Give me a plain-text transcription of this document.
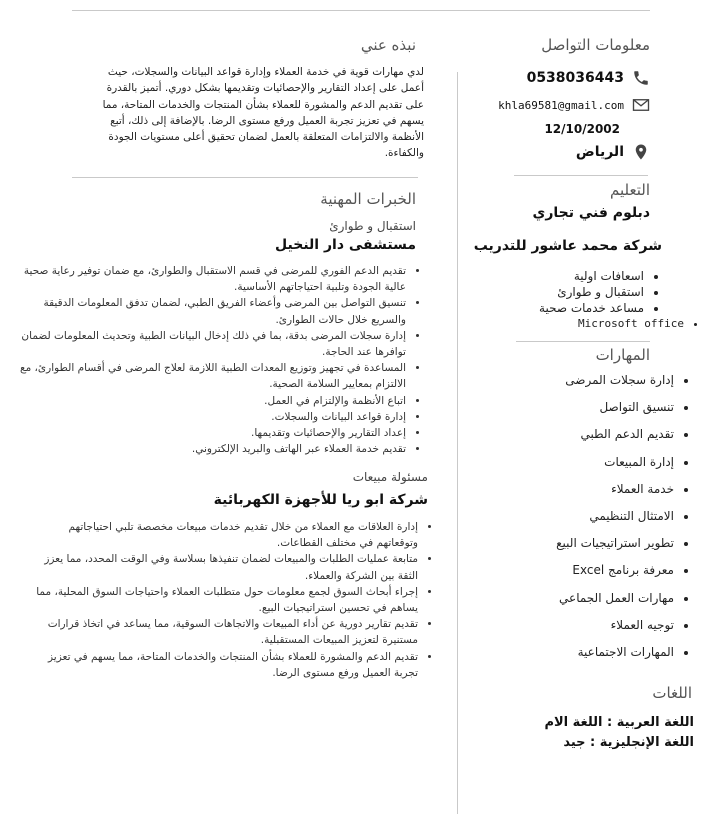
معلومات التواصل
0538036443
khla69581@gmail.com
12/10/2002
الرياض
التعليم
دبلوم فني تجاري
شركة محمد عاشور للتدريب
• اسعافات اولية
• استقبال و طوارئ
• مساعد خدمات صحية
• Microsoft office
المهارات
• إدارة سجلات المرضى
• تنسيق التواصل
• تقديم الدعم الطبي
• إدارة المبيعات
• خدمة العملاء
• الامتثال التنظيمي
• تطوير استراتيجيات البيع
• معرفة برنامج Excel
• مهارات العمل الجماعي
• توجيه العملاء
• المهارات الاجتماعية
اللغات
اللغة العربية : اللغة الام
اللغة الإنجليزية : جيد
نبذه عني

لدي مهارات قوية في خدمة العملاء وإدارة قواعد البيانات والسجلات، حيث أعمل على إعداد التقارير والإحصائيات وتقديمها بشكل دوري. أتميز بالقدرة على تقديم الدعم والمشورة للعملاء بشأن المنتجات والخدمات المتاحة، مما يسهم في تعزيز تجربة العميل ورفع مستوى الرضا. بالإضافة إلى ذلك، أتبع الأنظمة والالتزامات المتعلقة بالعمل لضمان تحقيق أعلى مستويات الجودة والكفاءة.

الخبرات المهنية
استقبال و طوارئ
مستشفى دار النخيل
• تقديم الدعم الفوري للمرضى في قسم الاستقبال والطوارئ، مع ضمان توفير رعاية صحية عالية الجودة وتلبية احتياجاتهم الأساسية.
• تنسيق التواصل بين المرضى وأعضاء الفريق الطبي، لضمان تدفق المعلومات الدقيقة والسريع خلال حالات الطوارئ.
• إدارة سجلات المرضى بدقة، بما في ذلك إدخال البيانات الطبية وتحديث المعلومات لضمان توافرها عند الحاجة.
• المساعدة في تجهيز وتوزيع المعدات الطبية اللازمة لعلاج المرضى في أقسام الطوارئ، مع الالتزام بمعايير السلامة الصحية.
• اتباع الأنظمة والإلتزام في العمل.
• إدارة قواعد البيانات والسجلات.
• إعداد التقارير والإحصائيات وتقديمها.
• تقديم خدمة العملاء عبر الهاتف والبريد الإلكتروني.
مسئولة مبيعات
شركة ابو ريا للأجهزة الكهربائية
• إدارة العلاقات مع العملاء من خلال تقديم خدمات مبيعات مخصصة تلبي احتياجاتهم وتوقعاتهم في مختلف القطاعات.
• متابعة عمليات الطلبات والمبيعات لضمان تنفيذها بسلاسة وفي الوقت المحدد، مما يعزز الثقة بين الشركة والعملاء.
• إجراء أبحاث السوق لجمع معلومات حول متطلبات العملاء واحتياجات السوق المحلية، مما يساهم في تحسين استراتيجيات البيع.
• تقديم تقارير دورية عن أداء المبيعات والاتجاهات السوقية، مما يساعد في اتخاذ قرارات مستنيرة لتعزيز المبيعات المستقبلية.
• تقديم الدعم والمشورة للعملاء بشأن المنتجات والخدمات المتاحة، مما يسهم في تعزيز تجربة العميل ورفع مستوى الرضا.
